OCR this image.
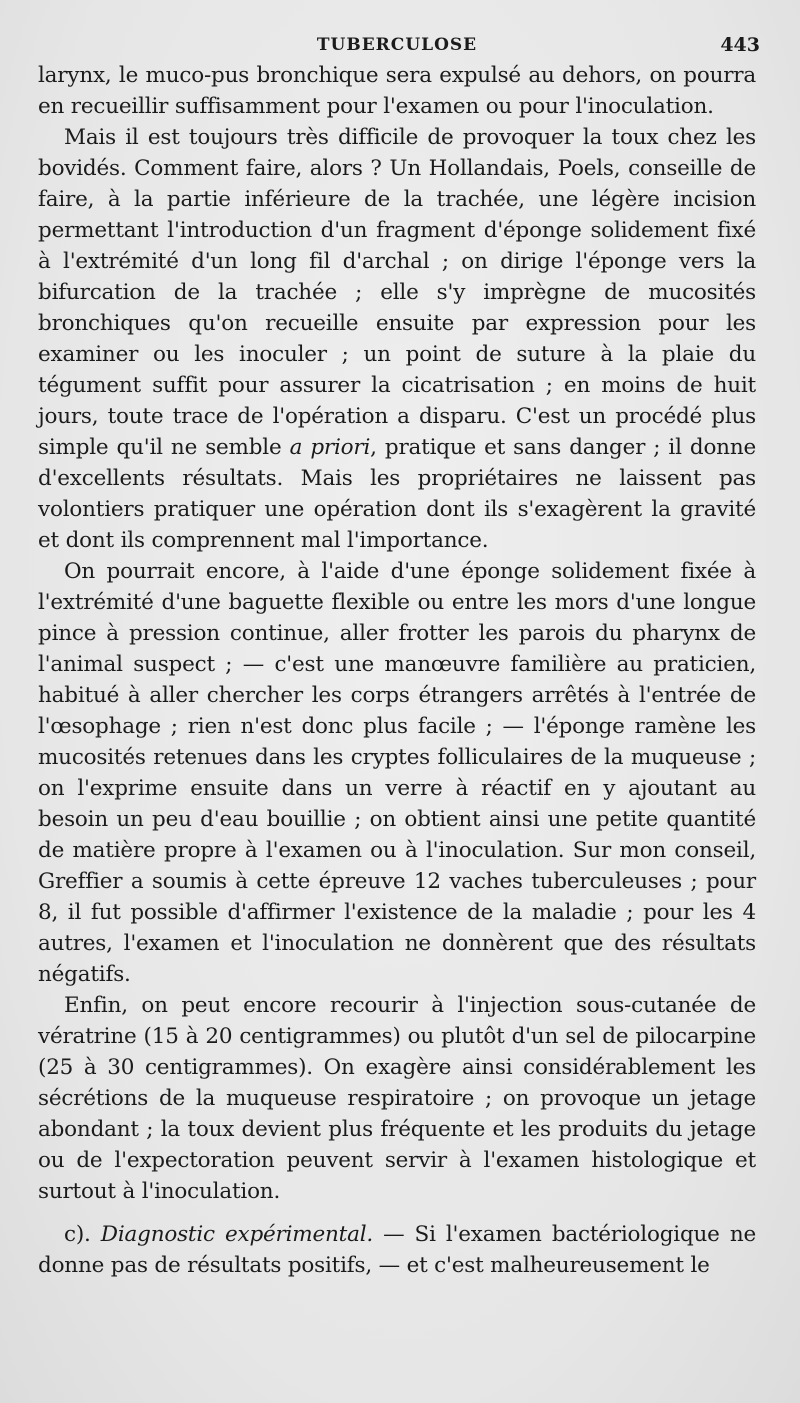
TUBERCULOSE	443

larynx, le muco-pus bronchique sera expulsé au dehors, on pourra en recueillir suffisamment pour l'examen ou pour l'inoculation.

Mais il est toujours très difficile de provoquer la toux chez les bovidés. Comment faire, alors ? Un Hollandais, Poels, conseille de faire, à la partie inférieure de la trachée, une légère incision permettant l'introduction d'un fragment d'éponge solidement fixé à l'extrémité d'un long fil d'archal ; on dirige l'éponge vers la bifurcation de la trachée ; elle s'y imprègne de mucosités bronchiques qu'on recueille ensuite par expression pour les examiner ou les inoculer ; un point de suture à la plaie du tégument suffit pour assurer la cicatrisation ; en moins de huit jours, toute trace de l'opération a disparu. C'est un procédé plus simple qu'il ne semble a priori, pratique et sans danger ; il donne d'excellents résultats. Mais les propriétaires ne laissent pas volontiers pratiquer une opération dont ils s'exagèrent la gravité et dont ils comprennent mal l'importance.

On pourrait encore, à l'aide d'une éponge solidement fixée à l'extrémité d'une baguette flexible ou entre les mors d'une longue pince à pression continue, aller frotter les parois du pharynx de l'animal suspect ; — c'est une manœuvre familière au praticien, habitué à aller chercher les corps étrangers arrêtés à l'entrée de l'œsophage ; rien n'est donc plus facile ; — l'éponge ramène les mucosités retenues dans les cryptes folliculaires de la muqueuse ; on l'exprime ensuite dans un verre à réactif en y ajoutant au besoin un peu d'eau bouillie ; on obtient ainsi une petite quantité de matière propre à l'examen ou à l'inoculation. Sur mon conseil, Greffier a soumis à cette épreuve 12 vaches tuberculeuses ; pour 8, il fut possible d'affirmer l'existence de la maladie ; pour les 4 autres, l'examen et l'inoculation ne donnèrent que des résultats négatifs.

Enfin, on peut encore recourir à l'injection sous-cutanée de vératrine (15 à 20 centigrammes) ou plutôt d'un sel de pilocarpine (25 à 30 centigrammes). On exagère ainsi considérablement les sécrétions de la muqueuse respiratoire ; on provoque un jetage abondant ; la toux devient plus fréquente et les produits du jetage ou de l'expectoration peuvent servir à l'examen histologique et surtout à l'inoculation.

c). Diagnostic expérimental. — Si l'examen bactériologique ne donne pas de résultats positifs, — et c'est malheureusement le
